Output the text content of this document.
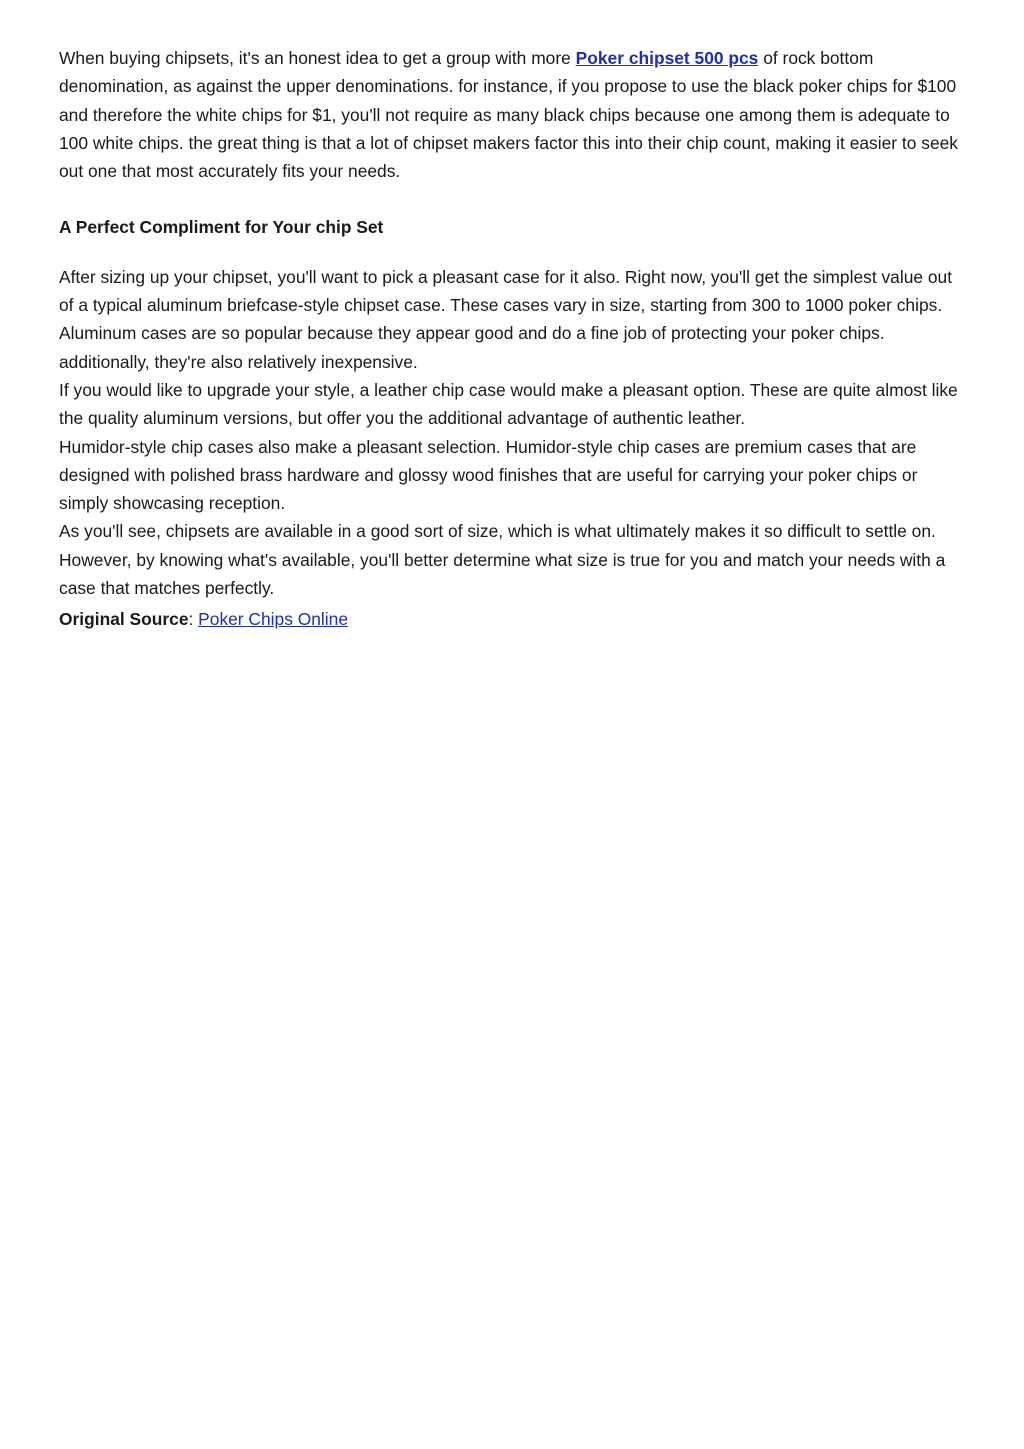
When buying chipsets, it's an honest idea to get a group with more Poker chipset 500 pcs of rock bottom denomination, as against the upper denominations. for instance, if you propose to use the black poker chips for $100 and therefore the white chips for $1, you'll not require as many black chips because one among them is adequate to 100 white chips. the great thing is that a lot of chipset makers factor this into their chip count, making it easier to seek out one that most accurately fits your needs.

A Perfect Compliment for Your chip Set

After sizing up your chipset, you'll want to pick a pleasant case for it also. Right now, you'll get the simplest value out of a typical aluminum briefcase-style chipset case. These cases vary in size, starting from 300 to 1000 poker chips. Aluminum cases are so popular because they appear good and do a fine job of protecting your poker chips. additionally, they're also relatively inexpensive.

If you would like to upgrade your style, a leather chip case would make a pleasant option. These are quite almost like the quality aluminum versions, but offer you the additional advantage of authentic leather.

Humidor-style chip cases also make a pleasant selection. Humidor-style chip cases are premium cases that are designed with polished brass hardware and glossy wood finishes that are useful for carrying your poker chips or simply showcasing reception.

As you'll see, chipsets are available in a good sort of size, which is what ultimately makes it so difficult to settle on. However, by knowing what's available, you'll better determine what size is true for you and match your needs with a case that matches perfectly.

Original Source: Poker Chips Online
